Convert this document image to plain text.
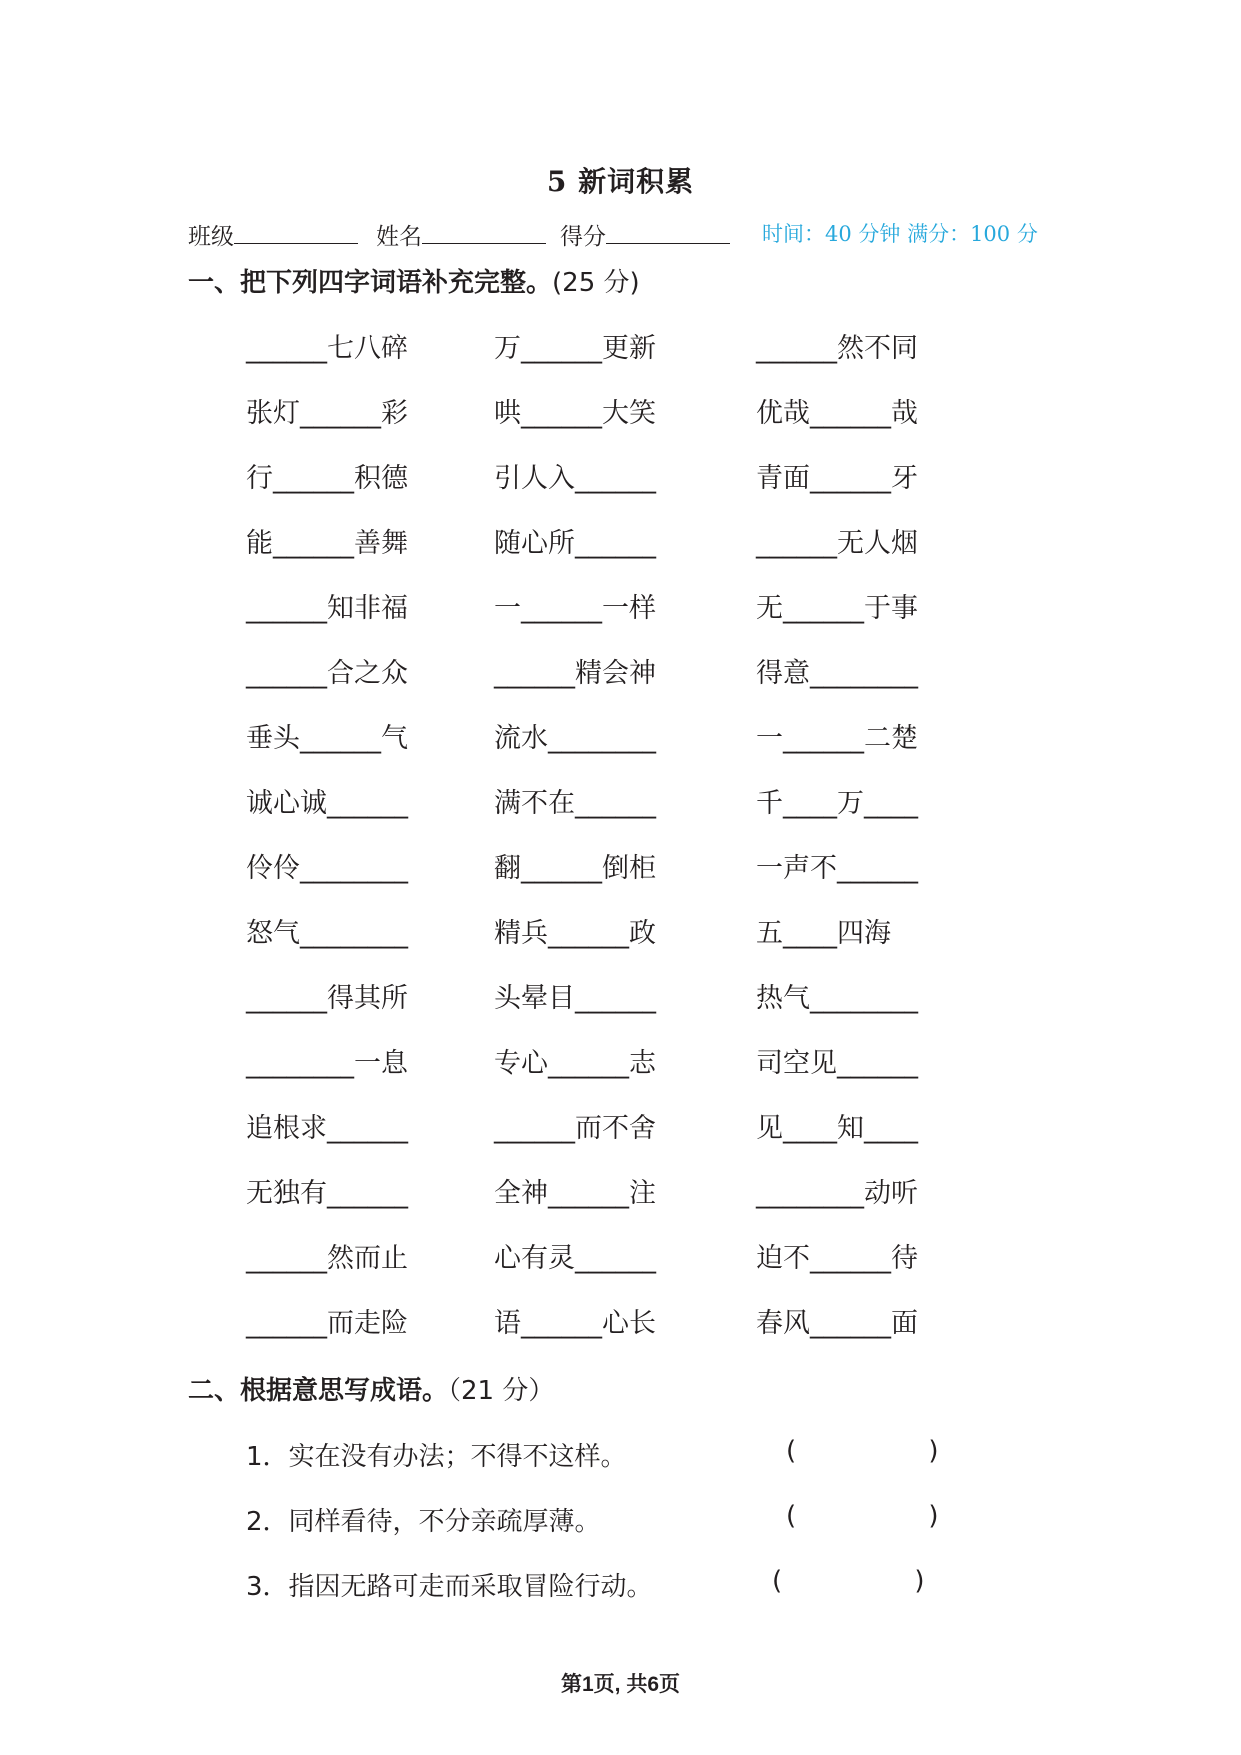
5 新词积累
班级	姓名	得分	时间：40 分钟 满分：100 分
一、把下列四字词语补充完整。(25 分)
______七八碎	万______更新	______然不同
张灯______彩	哄______大笑	优哉______哉
行______积德	引人入______	青面______牙
能______善舞	随心所______	______无人烟
______知非福	一______一样	无______于事
______合之众	______精会神	得意________
垂头______气	流水________	一______二楚
诚心诚______	满不在______	千____万____
伶伶________	翻______倒柜	一声不______
怒气________	精兵______政	五____四海
______得其所	头晕目______	热气________
________一息	专心______志	司空见______
追根求______	______而不舍	见____知____
无独有______	全神______注	________动听
______然而止	心有灵______	迫不______待
______而走险	语______心长	春风______面
二、根据意思写成语。（21 分）
1．实在没有办法；不得不这样。	(                )
2．同样看待，不分亲疏厚薄。	(                )
3．指因无路可走而采取冒险行动。	(                )
第1页, 共6页
